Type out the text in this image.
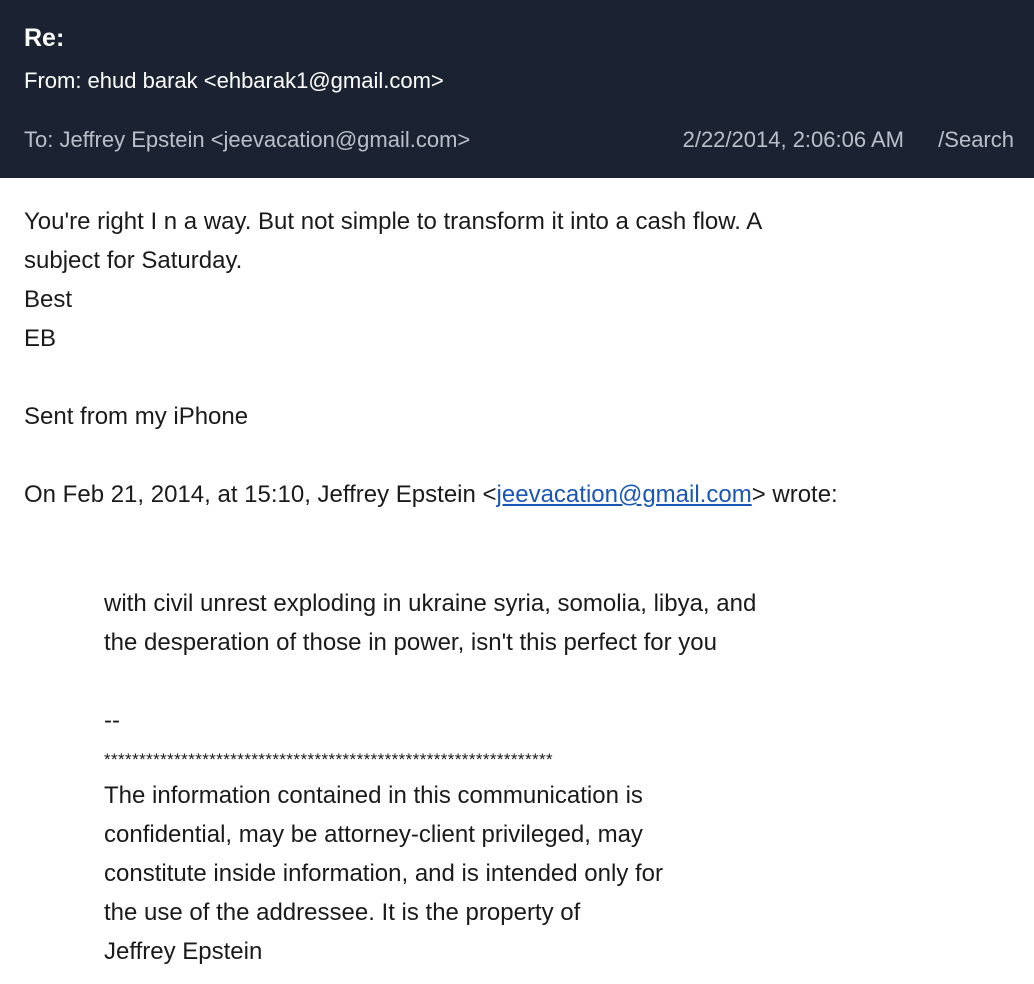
Re:
From: ehud barak <ehbarak1@gmail.com>
To: Jeffrey Epstein <jeevacation@gmail.com>	2/22/2014, 2:06:06 AM /Search
You're right I n a way. But not simple to transform it into a cash flow. A
subject for Saturday.
Best
EB
Sent from my iPhone
On Feb 21, 2014, at 15:10, Jeffrey Epstein <jeevacation@gmail.com> wrote:
with civil unrest exploding in ukraine syria, somolia, libya, and
the desperation of those in power, isn't this perfect for you
--
****************************************************************
The information contained in this communication is
confidential, may be attorney-client privileged, may
constitute inside information, and is intended only for
the use of the addressee. It is the property of
Jeffrey Epstein
